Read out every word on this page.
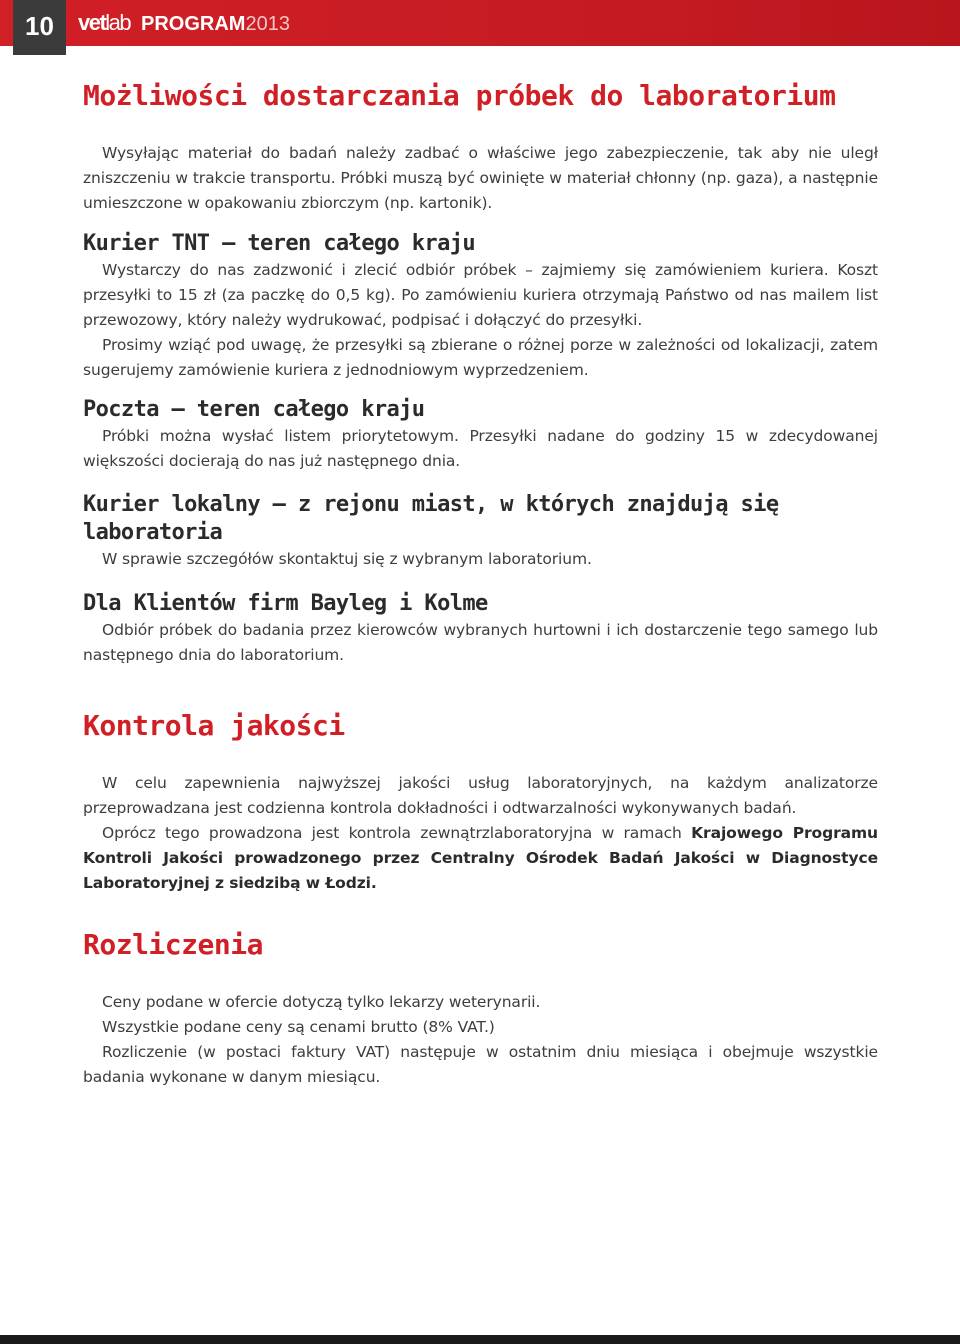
10	vetlab PROGRAM2013
Możliwości dostarczania próbek do laboratorium

Wysyłając materiał do badań należy zadbać o właściwe jego zabezpieczenie, tak aby nie uległ zniszczeniu w trakcie transportu. Próbki muszą być owinięte w materiał chłonny (np. gaza), a następnie umieszczone w opakowaniu zbiorczym (np. kartonik).

Kurier TNT – teren całego kraju

Wystarczy do nas zadzwonić i zlecić odbiór próbek – zajmiemy się zamówieniem kuriera. Koszt przesyłki to 15 zł (za paczkę do 0,5 kg). Po zamówieniu kuriera otrzymają Państwo od nas mailem list przewozowy, który należy wydrukować, podpisać i dołączyć do przesyłki.

Prosimy wziąć pod uwagę, że przesyłki są zbierane o różnej porze w zależności od lokalizacji, zatem sugerujemy zamówienie kuriera z jednodniowym wyprzedzeniem.

Poczta – teren całego kraju

Próbki można wysłać listem priorytetowym. Przesyłki nadane do godziny 15 w zdecydowanej większości docierają do nas już następnego dnia.

Kurier lokalny – z rejonu miast, w których znajdują się laboratoria

W sprawie szczegółów skontaktuj się z wybranym laboratorium.

Dla Klientów firm Bayleg i Kolme

Odbiór próbek do badania przez kierowców wybranych hurtowni i ich dostarczenie tego samego lub następnego dnia do laboratorium.

Kontrola jakości

W celu zapewnienia najwyższej jakości usług laboratoryjnych, na każdym analizatorze przeprowadzana jest codzienna kontrola dokładności i odtwarzalności wykonywanych badań.

Oprócz tego prowadzona jest kontrola zewnątrzlaboratoryjna w ramach Krajowego Programu Kontroli Jakości prowadzonego przez Centralny Ośrodek Badań Jakości w Diagnostyce Laboratoryjnej z siedzibą w Łodzi.

Rozliczenia

Ceny podane w ofercie dotyczą tylko lekarzy weterynarii.

Wszystkie podane ceny są cenami brutto (8% VAT.)

Rozliczenie (w postaci faktury VAT) następuje w ostatnim dniu miesiąca i obejmuje wszystkie badania wykonane w danym miesiącu.
